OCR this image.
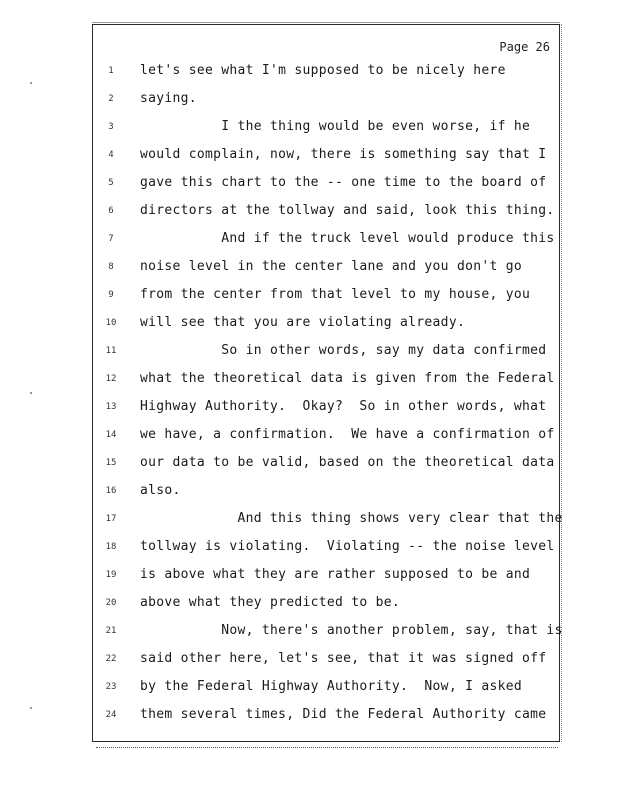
Page 26
1	let's see what I'm supposed to be nicely here
2	saying.
3	I the thing would be even worse, if he
4	would complain, now, there is something say that I
5	gave this chart to the -- one time to the board of
6	directors at the tollway and said, look this thing.
7	And if the truck level would produce this
8	noise level in the center lane and you don't go
9	from the center from that level to my house, you
10	will see that you are violating already.
11	So in other words, say my data confirmed
12	what the theoretical data is given from the Federal
13	Highway Authority.  Okay?  So in other words, what
14	we have, a confirmation.  We have a confirmation of
15	our data to be valid, based on the theoretical data
16	also.
17	And this thing shows very clear that the
18	tollway is violating.  Violating -- the noise level
19	is above what they are rather supposed to be and
20	above what they predicted to be.
21	Now, there's another problem, say, that is
22	said other here, let's see, that it was signed off
23	by the Federal Highway Authority.  Now, I asked
24	them several times, Did the Federal Authority came
